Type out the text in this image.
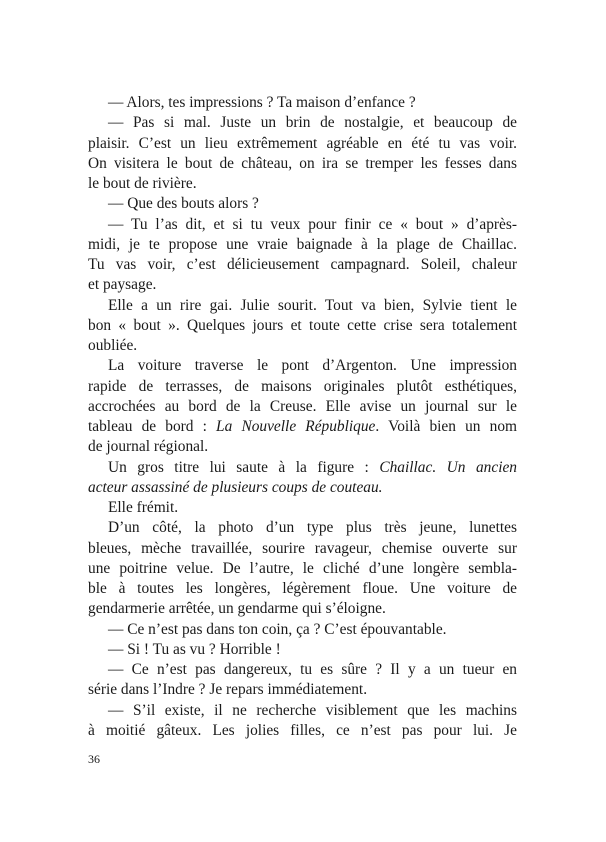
— Alors, tes impressions ? Ta maison d’enfance ?
— Pas si mal. Juste un brin de nostalgie, et beaucoup de
plaisir. C’est un lieu extrêmement agréable en été tu vas voir.
On visitera le bout de château, on ira se tremper les fesses dans
le bout de rivière.
— Que des bouts alors ?
— Tu l’as dit, et si tu veux pour finir ce « bout » d’après-
midi, je te propose une vraie baignade à la plage de Chaillac.
Tu vas voir, c’est délicieusement campagnard. Soleil, chaleur
et paysage.
Elle a un rire gai. Julie sourit. Tout va bien, Sylvie tient le
bon « bout ». Quelques jours et toute cette crise sera totalement
oubliée.
La voiture traverse le pont d’Argenton. Une impression
rapide de terrasses, de maisons originales plutôt esthétiques,
accrochées au bord de la Creuse. Elle avise un journal sur le
tableau de bord : La Nouvelle République. Voilà bien un nom
de journal régional.
Un gros titre lui saute à la figure : Chaillac. Un ancien
acteur assassiné de plusieurs coups de couteau.
Elle frémit.
D’un côté, la photo d’un type plus très jeune, lunettes
bleues, mèche travaillée, sourire ravageur, chemise ouverte sur
une poitrine velue. De l’autre, le cliché d’une longère sembla-
ble à toutes les longères, légèrement floue. Une voiture de
gendarmerie arrêtée, un gendarme qui s’éloigne.
— Ce n’est pas dans ton coin, ça ? C’est épouvantable.
— Si ! Tu as vu ? Horrible !
— Ce n’est pas dangereux, tu es sûre ? Il y a un tueur en
série dans l’Indre ? Je repars immédiatement.
— S’il existe, il ne recherche visiblement que les machins
à moitié gâteux. Les jolies filles, ce n’est pas pour lui. Je
36
